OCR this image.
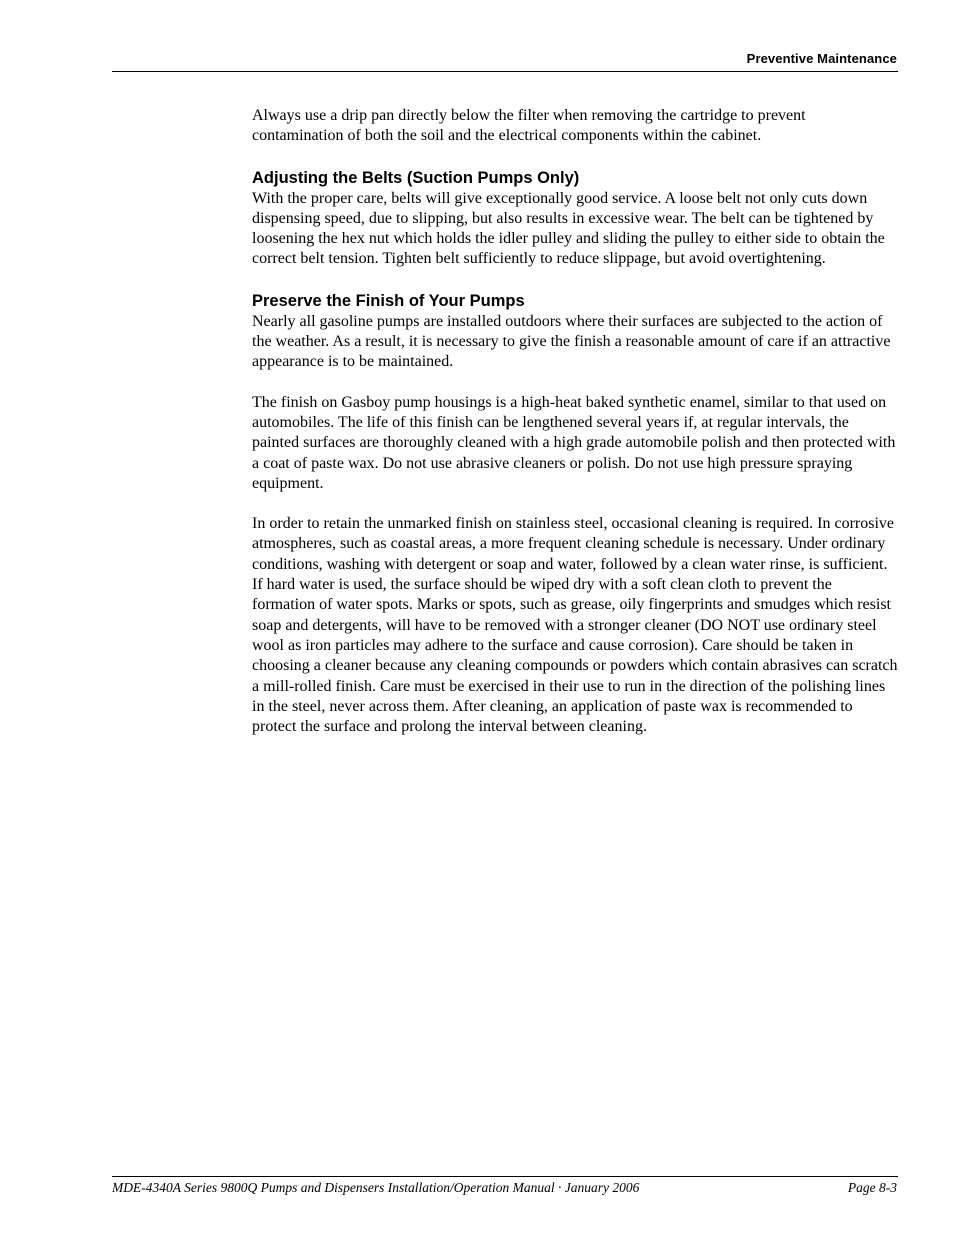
Preventive Maintenance

Always use a drip pan directly below the filter when removing the cartridge to prevent contamination of both the soil and the electrical components within the cabinet.

Adjusting the Belts (Suction Pumps Only)

With the proper care, belts will give exceptionally good service. A loose belt not only cuts down dispensing speed, due to slipping, but also results in excessive wear. The belt can be tightened by loosening the hex nut which holds the idler pulley and sliding the pulley to either side to obtain the correct belt tension. Tighten belt sufficiently to reduce slippage, but avoid overtightening.

Preserve the Finish of Your Pumps

Nearly all gasoline pumps are installed outdoors where their surfaces are subjected to the action of the weather. As a result, it is necessary to give the finish a reasonable amount of care if an attractive appearance is to be maintained.

The finish on Gasboy pump housings is a high-heat baked synthetic enamel, similar to that used on automobiles. The life of this finish can be lengthened several years if, at regular intervals, the painted surfaces are thoroughly cleaned with a high grade automobile polish and then protected with a coat of paste wax. Do not use abrasive cleaners or polish. Do not use high pressure spraying equipment.

In order to retain the unmarked finish on stainless steel, occasional cleaning is required. In corrosive atmospheres, such as coastal areas, a more frequent cleaning schedule is necessary. Under ordinary conditions, washing with detergent or soap and water, followed by a clean water rinse, is sufficient. If hard water is used, the surface should be wiped dry with a soft clean cloth to prevent the formation of water spots. Marks or spots, such as grease, oily fingerprints and smudges which resist soap and detergents, will have to be removed with a stronger cleaner (DO NOT use ordinary steel wool as iron particles may adhere to the surface and cause corrosion). Care should be taken in choosing a cleaner because any cleaning compounds or powders which contain abrasives can scratch a mill-rolled finish. Care must be exercised in their use to run in the direction of the polishing lines in the steel, never across them. After cleaning, an application of paste wax is recommended to protect the surface and prolong the interval between cleaning.

MDE-4340A Series 9800Q Pumps and Dispensers Installation/Operation Manual · January 2006	Page 8-3
